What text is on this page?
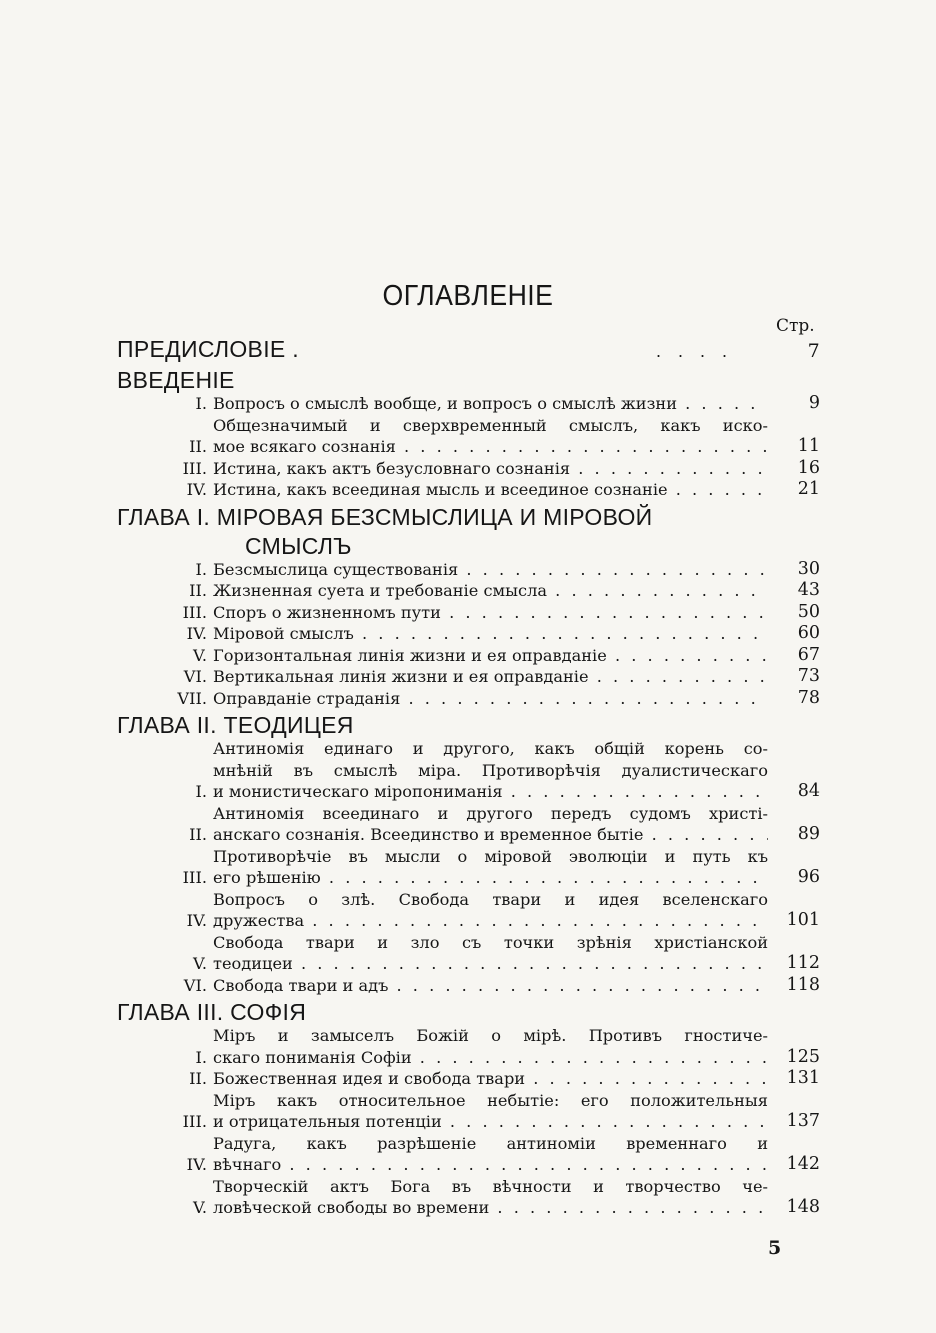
ОГЛАВЛЕНІЕ
Стр.
ПРЕДИСЛОВІЕ .	....	7
ВВЕДЕНІЕ
I. Вопросъ о смыслѣ вообще, и вопросъ о смыслѣ жизни . . .	9
II.
Общезначимый и сверхвременный смыслъ, какъ иско-
мое всякаго сознанія . . .	11
III. Истина, какъ актъ безусловнаго сознанія . . .	16
IV. Истина, какъ всеединая мысль и всеединое сознаніе . . .	21
ГЛАВА I. МІРОВАЯ БЕЗСМЫСЛИЦА И МІРОВОЙ
СМЫСЛЪ
I. Безсмыслица существованія . . .	30
II. Жизненная суета и требованіе смысла . . .	43
III. Споръ о жизненномъ пути . . .	50
IV. Міровой смыслъ . . .	60
V. Горизонтальная линія жизни и ея оправданіе . . .	67
VI. Вертикальная линія жизни и ея оправданіе . . .	73
VII. Оправданіе страданія . . .	78
ГЛАВА II. ТЕОДИЦЕЯ
I.
Антиномія единаго и другого, какъ общій корень со-
мнѣній въ смыслѣ міра. Противорѣчія дуалистическаго
и монистическаго міропониманія . . .	84
II.
Антиномія всеединаго и другого передъ судомъ христі-
анскаго сознанія. Всеединство и временное бытіе . . .	89
III.
Противорѣчіе въ мысли о міровой эволюціи и путь къ
его рѣшенію . . .	96
IV.
Вопросъ о злѣ. Свобода твари и идея вселенскаго
дружества . . .	101
V.
Свобода твари и зло съ точки зрѣнія христіанской
теодицеи . . .	112
VI. Свобода твари и адъ . . .	118
ГЛАВА III. СОФІЯ
I.
Міръ и замыселъ Божій о мірѣ. Противъ гностиче-
скаго пониманія Софіи . . .	125
II. Божественная идея и свобода твари . . .	131
III.
Міръ какъ относительное небытіе: его положительныя
и отрицательныя потенціи . . .	137
IV.
Радуга, какъ разрѣшеніе антиноміи временнаго и
вѣчнаго . . .	142
V.
Творческій актъ Бога въ вѣчности и творчество че-
ловѣческой свободы во времени . . .	148
5
